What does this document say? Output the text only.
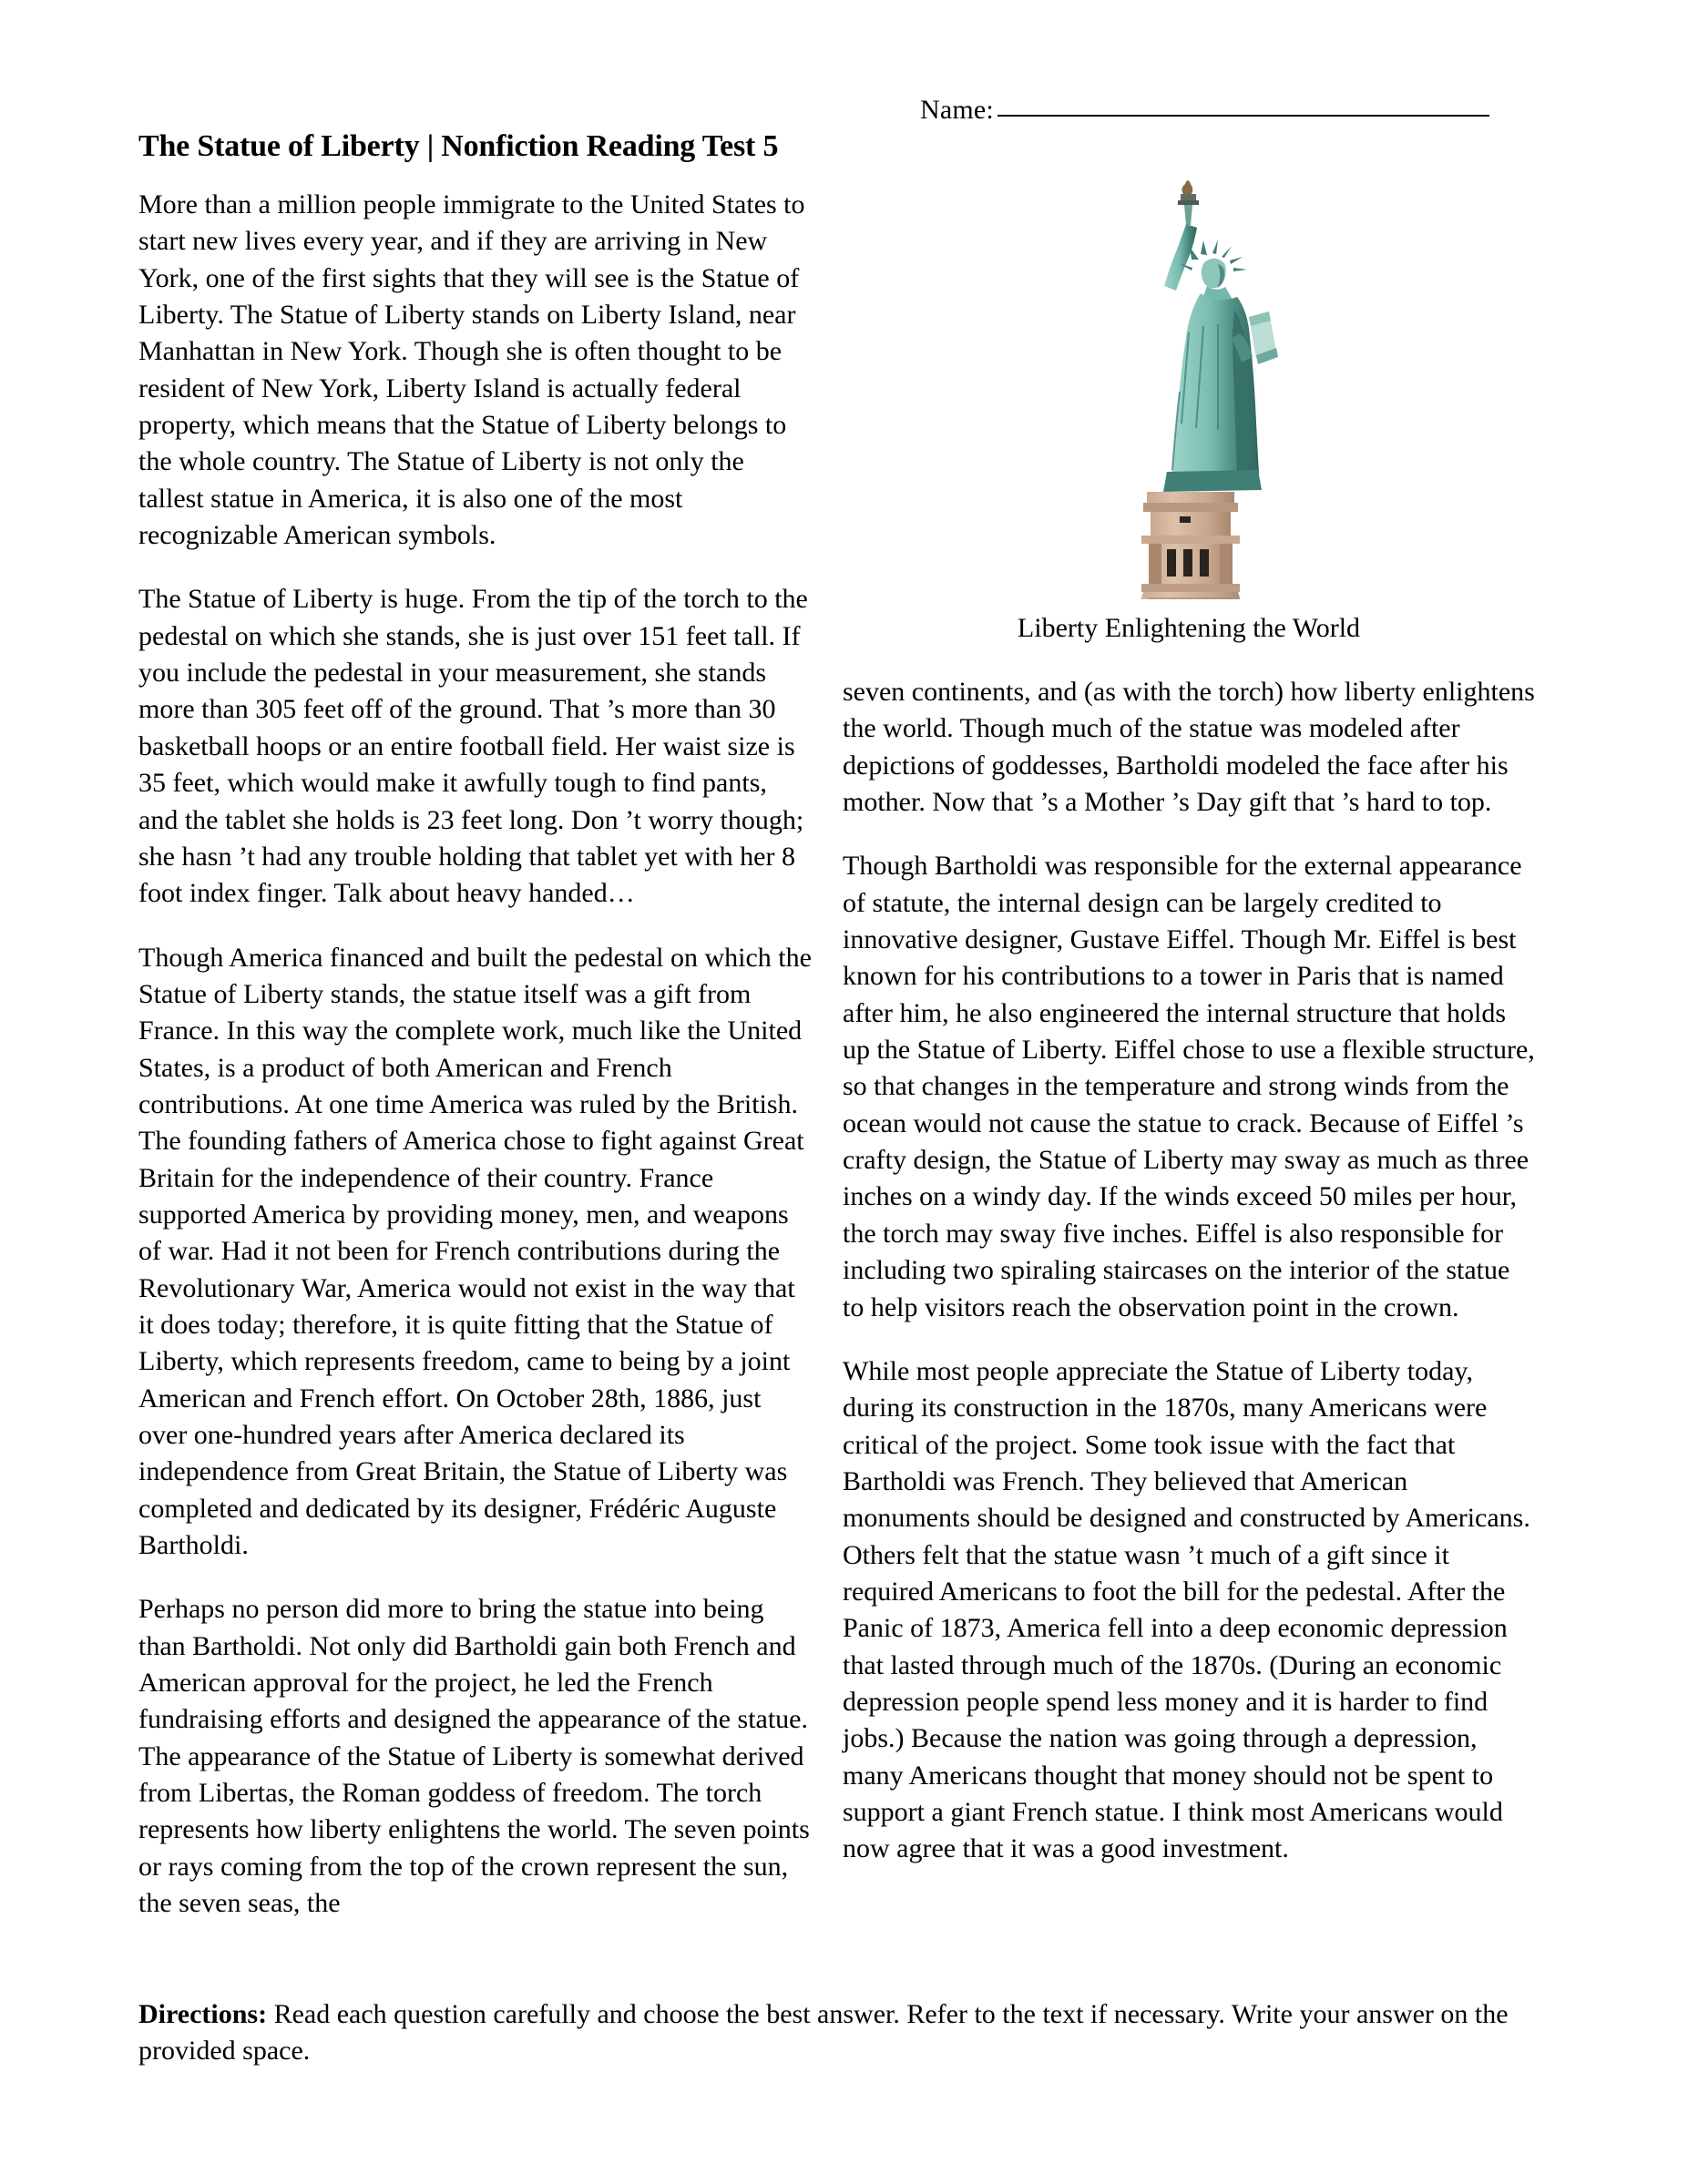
Name:
The Statue of Liberty | Nonfiction Reading Test 5

More than a million people immigrate to the United States to start new lives every year, and if they are arriving in New York, one of the first sights that they will see is the Statue of Liberty. The Statue of Liberty stands on Liberty Island, near Manhattan in New York. Though she is often thought to be resident of New York, Liberty Island is actually federal property, which means that the Statue of Liberty belongs to the whole country. The Statue of Liberty is not only the tallest statue in America, it is also one of the most recognizable American symbols.

The Statue of Liberty is huge. From the tip of the torch to the pedestal on which she stands, she is just over 151 feet tall. If you include the pedestal in your measurement, she stands more than 305 feet off of the ground. That ’s more than 30 basketball hoops or an entire football field. Her waist size is 35 feet, which would make it awfully tough to find pants, and the tablet she holds is 23 feet long. Don ’t worry though; she hasn ’t had any trouble holding that tablet yet with her 8 foot index finger. Talk about heavy handed…

Though America financed and built the pedestal on which the Statue of Liberty stands, the statue itself was a gift from France. In this way the complete work, much like the United States, is a product of both American and French contributions. At one time America was ruled by the British. The founding fathers of America chose to fight against Great Britain for the independence of their country. France supported America by providing money, men, and weapons of war. Had it not been for French contributions during the Revolutionary War, America would not exist in the way that it does today; therefore, it is quite fitting that the Statue of Liberty, which represents freedom, came to being by a joint American and French effort. On October 28th, 1886, just over one-hundred years after America declared its independence from Great Britain, the Statue of Liberty was completed and dedicated by its designer, Frédéric Auguste Bartholdi.

Perhaps no person did more to bring the statue into being than Bartholdi. Not only did Bartholdi gain both French and American approval for the project, he led the French fundraising efforts and designed the appearance of the statue. The appearance of the Statue of Liberty is somewhat derived from Libertas, the Roman goddess of freedom. The torch represents how liberty enlightens the world. The seven points or rays coming from the top of the crown represent the sun, the seven seas, the

Liberty Enlightening the World

seven continents, and (as with the torch) how liberty enlightens the world. Though much of the statue was modeled after depictions of goddesses, Bartholdi modeled the face after his mother. Now that ’s a Mother ’s Day gift that ’s hard to top.

Though Bartholdi was responsible for the external appearance of statute, the internal design can be largely credited to innovative designer, Gustave Eiffel. Though Mr. Eiffel is best known for his contributions to a tower in Paris that is named after him, he also engineered the internal structure that holds up the Statue of Liberty. Eiffel chose to use a flexible structure, so that changes in the temperature and strong winds from the ocean would not cause the statue to crack. Because of Eiffel ’s crafty design, the Statue of Liberty may sway as much as three inches on a windy day. If the winds exceed 50 miles per hour, the torch may sway five inches. Eiffel is also responsible for including two spiraling staircases on the interior of the statue to help visitors reach the observation point in the crown.

While most people appreciate the Statue of Liberty today, during its construction in the 1870s, many Americans were critical of the project. Some took issue with the fact that Bartholdi was French. They believed that American monuments should be designed and constructed by Americans. Others felt that the statue wasn ’t much of a gift since it required Americans to foot the bill for the pedestal. After the Panic of 1873, America fell into a deep economic depression that lasted through much of the 1870s. (During an economic depression people spend less money and it is harder to find jobs.) Because the nation was going through a depression, many Americans thought that money should not be spent to support a giant French statue. I think most Americans would now agree that it was a good investment.

Directions: Read each question carefully and choose the best answer. Refer to the text if necessary. Write your answer on the provided space.
